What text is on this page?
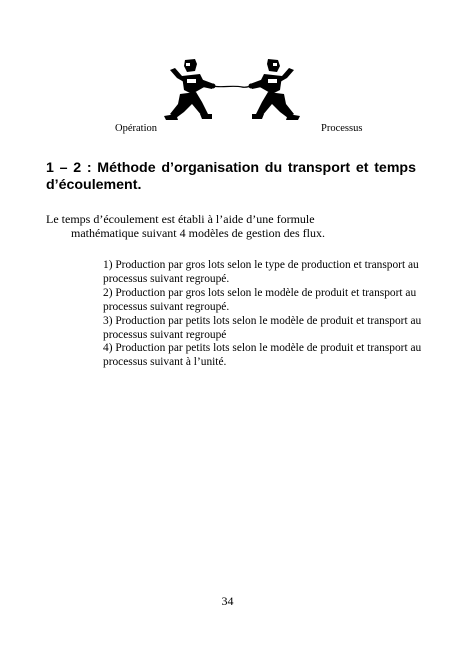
Opération	Processus
1 – 2 : Méthode d’organisation du transport et temps d’écoulement.

Le temps d’écoulement est établi à l’aide d’une formule
mathématique suivant 4 modèles de gestion des flux.

1) Production par gros lots selon le type de production et transport au processus suivant regroupé.
2) Production par gros lots selon le modèle de produit et transport au processus suivant regroupé.
3) Production par petits lots selon le modèle de produit et transport au processus suivant regroupé
4) Production par petits lots selon le modèle de produit et transport au processus suivant à l’unité.
34
